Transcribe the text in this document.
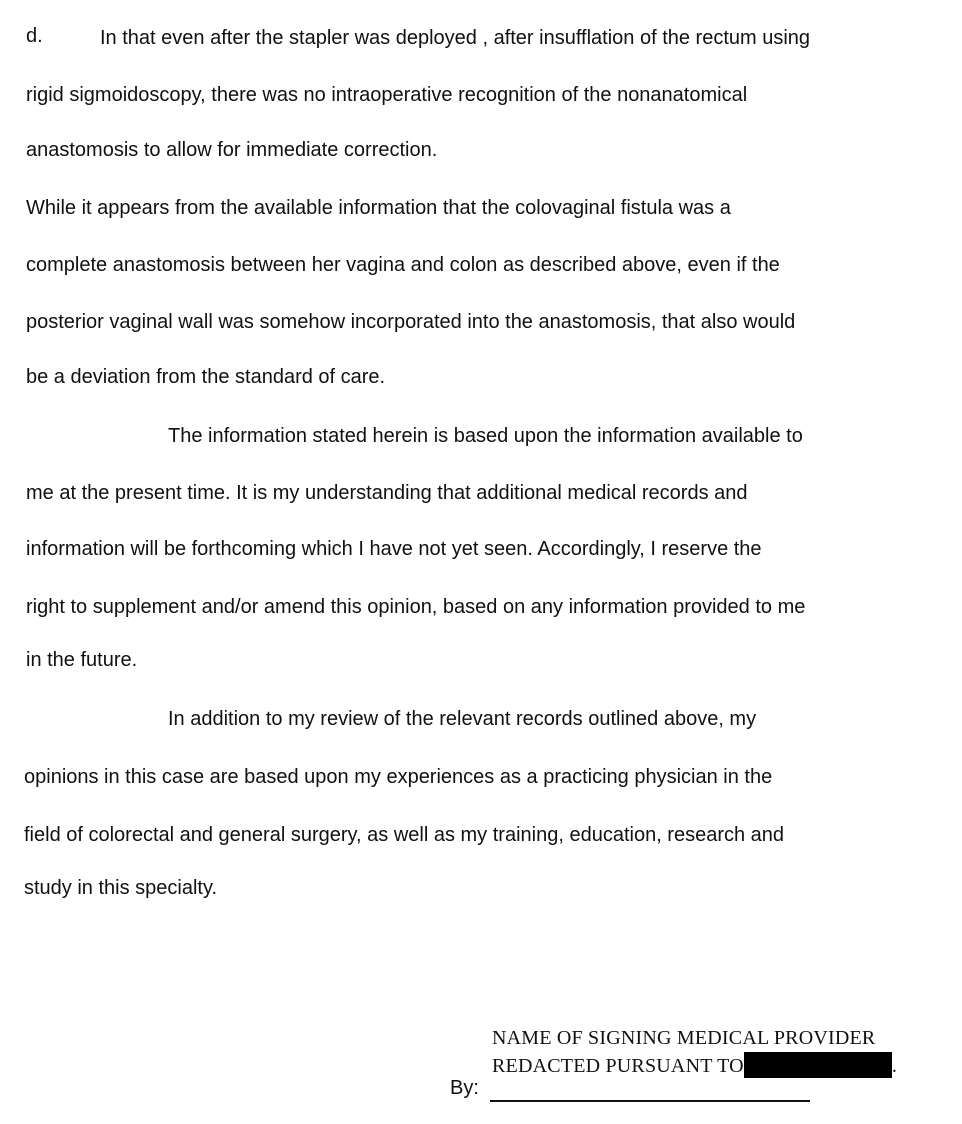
d.	In that even after the stapler was deployed , after insufflation of the rectum using
rigid sigmoidoscopy, there was no intraoperative recognition of the nonanatomical
anastomosis to allow for immediate correction.
While it appears from the available information that the colovaginal fistula was a
complete anastomosis between her vagina and colon as described above, even if the
posterior vaginal wall was somehow incorporated into the anastomosis, that also would
be a deviation from the standard of care.
The information stated herein is based upon the information available to
me at the present time. It is my understanding that additional medical records and
information will be forthcoming which I have not yet seen. Accordingly, I reserve the
right to supplement and/or amend this opinion, based on any information provided to me
in the future.
In addition to my review of the relevant records outlined above, my
opinions in this case are based upon my experiences as a practicing physician in the
field of colorectal and general surgery, as well as my training, education, research and
study in this specialty.
NAME OF SIGNING MEDICAL PROVIDER
REDACTED PURSUANT TO	.
By:
